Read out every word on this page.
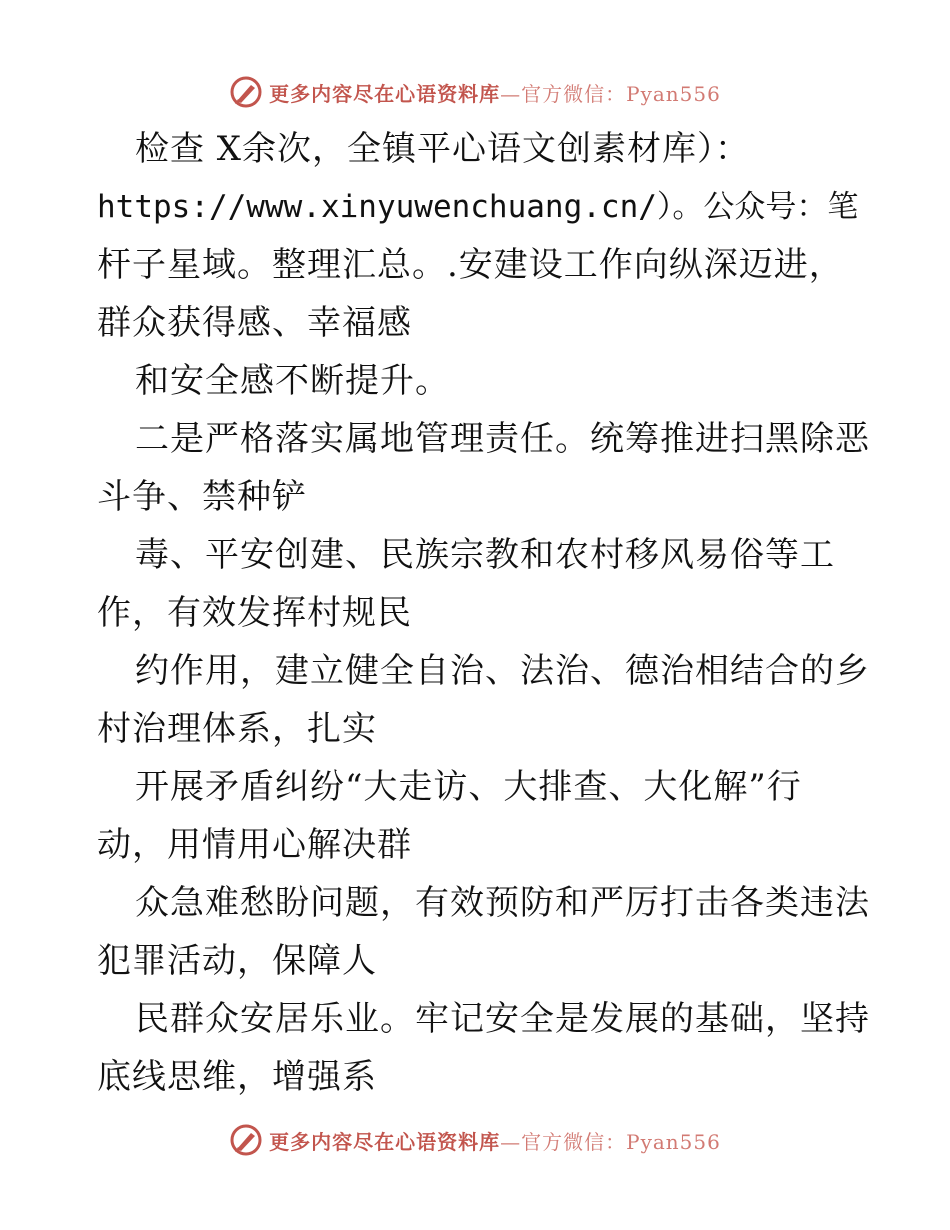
更多内容尽在心语资料库—官方微信：Pyan556
检查 X余次，全镇平心语文创素材库）：
https://www.xinyuwenchuang.cn/）。公众号：笔
杆子星域。整理汇总。.安建设工作向纵深迈进，
群众获得感、幸福感
和安全感不断提升。
二是严格落实属地管理责任。统筹推进扫黑除恶
斗争、禁种铲
毒、平安创建、民族宗教和农村移风易俗等工
作，有效发挥村规民
约作用，建立健全自治、法治、德治相结合的乡
村治理体系，扎实
开展矛盾纠纷“大走访、大排查、大化解”行
动，用情用心解决群
众急难愁盼问题，有效预防和严厉打击各类违法
犯罪活动，保障人
民群众安居乐业。牢记安全是发展的基础，坚持
底线思维，增强系
更多内容尽在心语资料库—官方微信：Pyan556
